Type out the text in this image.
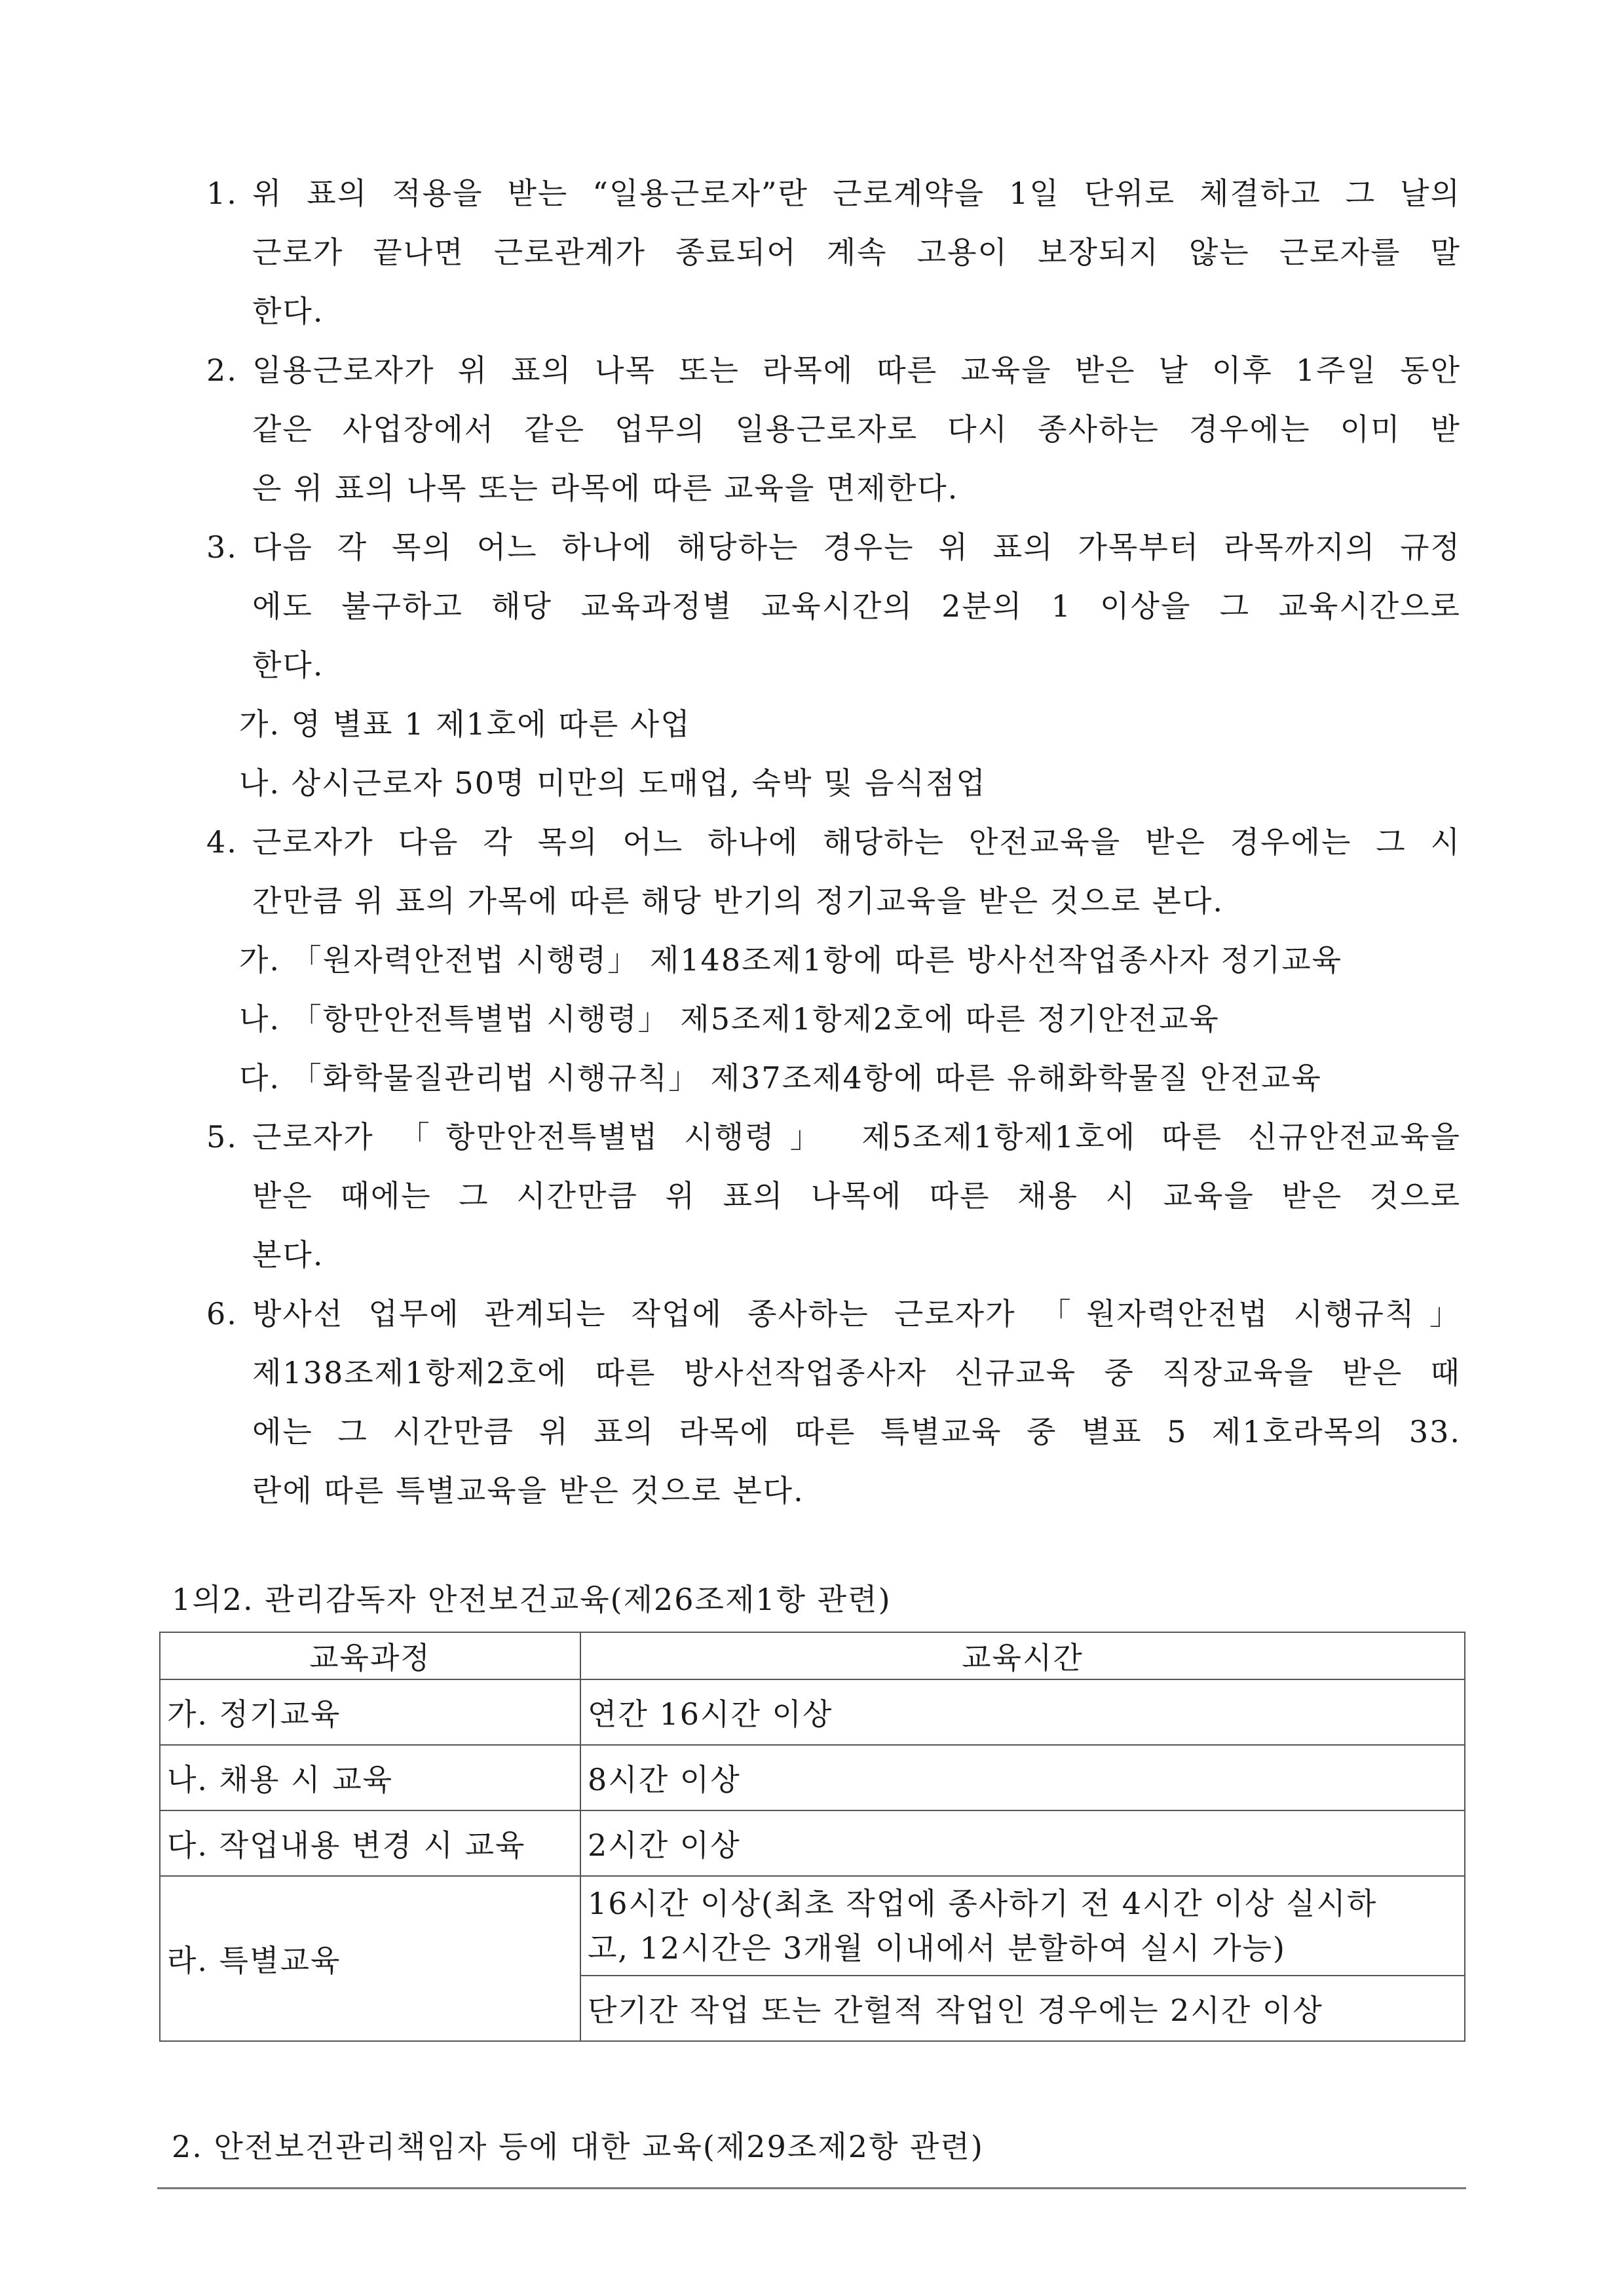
1. 위 표의 적용을 받는 “일용근로자”란 근로계약을 1일 단위로 체결하고 그 날의
근로가 끝나면 근로관계가 종료되어 계속 고용이 보장되지 않는 근로자를 말
한다.
2. 일용근로자가 위 표의 나목 또는 라목에 따른 교육을 받은 날 이후 1주일 동안
같은 사업장에서 같은 업무의 일용근로자로 다시 종사하는 경우에는 이미 받
은 위 표의 나목 또는 라목에 따른 교육을 면제한다.
3. 다음 각 목의 어느 하나에 해당하는 경우는 위 표의 가목부터 라목까지의 규정
에도 불구하고 해당 교육과정별 교육시간의 2분의 1 이상을 그 교육시간으로
한다.
가. 영 별표 1 제1호에 따른 사업
나. 상시근로자 50명 미만의 도매업, 숙박 및 음식점업
4. 근로자가 다음 각 목의 어느 하나에 해당하는 안전교육을 받은 경우에는 그 시
간만큼 위 표의 가목에 따른 해당 반기의 정기교육을 받은 것으로 본다.
가. 「원자력안전법 시행령」 제148조제1항에 따른 방사선작업종사자 정기교육
나. 「항만안전특별법 시행령」 제5조제1항제2호에 따른 정기안전교육
다. 「화학물질관리법 시행규칙」 제37조제4항에 따른 유해화학물질 안전교육
5. 근로자가 「항만안전특별법 시행령」 제5조제1항제1호에 따른 신규안전교육을
받은 때에는 그 시간만큼 위 표의 나목에 따른 채용 시 교육을 받은 것으로
본다.
6. 방사선 업무에 관계되는 작업에 종사하는 근로자가 「원자력안전법 시행규칙」
제138조제1항제2호에 따른 방사선작업종사자 신규교육 중 직장교육을 받은 때
에는 그 시간만큼 위 표의 라목에 따른 특별교육 중 별표 5 제1호라목의 33.
란에 따른 특별교육을 받은 것으로 본다.
1의2. 관리감독자 안전보건교육(제26조제1항 관련)
교육과정	교육시간
가. 정기교육	연간 16시간 이상
나. 채용 시 교육	8시간 이상
다. 작업내용 변경 시 교육	2시간 이상
라. 특별교육	16시간 이상(최초 작업에 종사하기 전 4시간 이상 실시하
고, 12시간은 3개월 이내에서 분할하여 실시 가능)

	단기간 작업 또는 간헐적 작업인 경우에는 2시간 이상
2. 안전보건관리책임자 등에 대한 교육(제29조제2항 관련)
